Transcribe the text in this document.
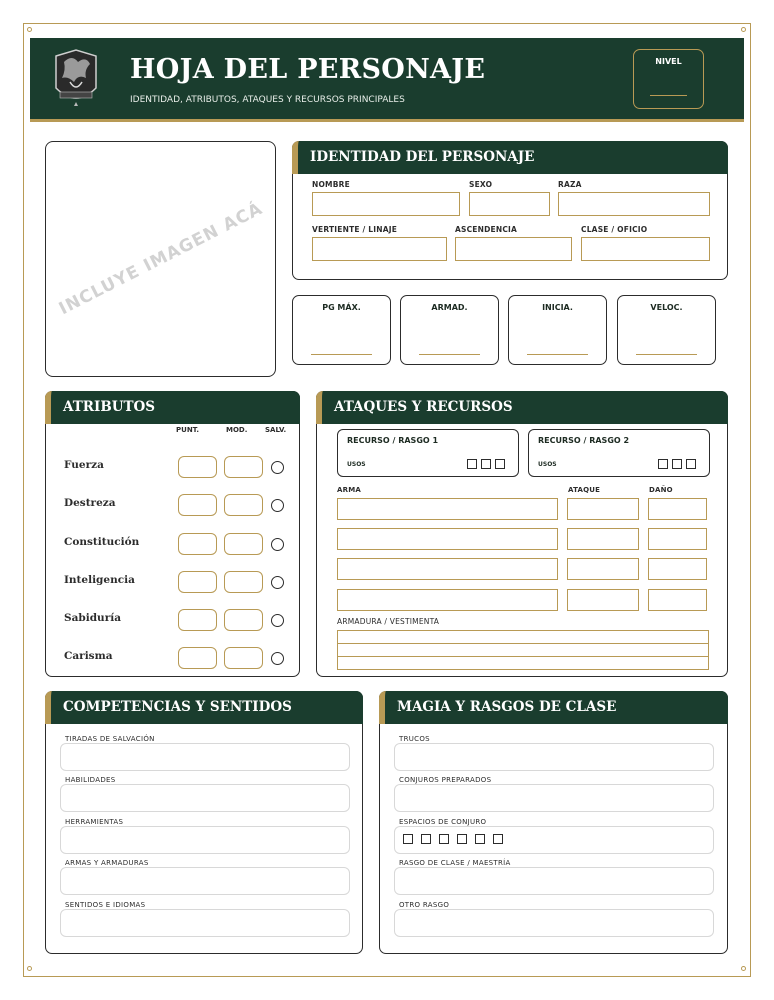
HOJA DEL PERSONAJE
IDENTIDAD, ATRIBUTOS, ATAQUES Y RECURSOS PRINCIPALES
NIVEL
INCLUYE IMAGEN ACÁ
IDENTIDAD DEL PERSONAJE
NOMBRE	SEXO	RAZA
VERTIENTE / LINAJE	ASCENDENCIA	CLASE / OFICIO
PG MÁX.	ARMAD.	INICIA.	VELOC.
ATRIBUTOS
PUNT.	MOD.	SALV.
Fuerza
Destreza
Constitución
Inteligencia
Sabiduría
Carisma
ATAQUES Y RECURSOS
RECURSO / RASGO 1
USOS
RECURSO / RASGO 2
USOS
ARMA	ATAQUE	DAÑO
ARMADURA / VESTIMENTA
COMPETENCIAS Y SENTIDOS
TIRADAS DE SALVACIÓN
HABILIDADES
HERRAMIENTAS
ARMAS Y ARMADURAS
SENTIDOS E IDIOMAS
MAGIA Y RASGOS DE CLASE
TRUCOS
CONJUROS PREPARADOS
ESPACIOS DE CONJURO
RASGO DE CLASE / MAESTRÍA
OTRO RASGO
